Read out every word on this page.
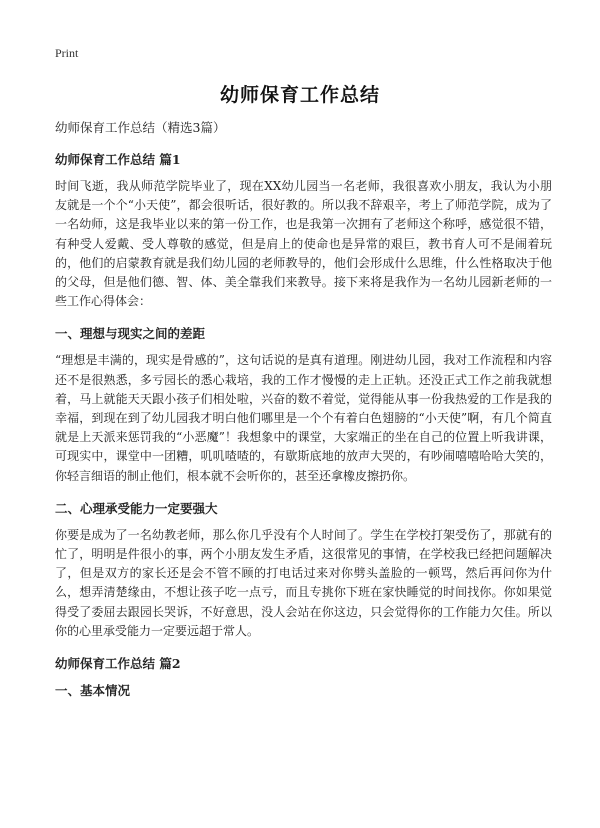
Print
幼师保育工作总结

幼师保育工作总结（精选3篇）

幼师保育工作总结 篇1

时间飞逝，我从师范学院毕业了，现在XX幼儿园当一名老师，我很喜欢小朋友，我认为小朋友就是一个个“小天使”，都会很听话，很好教的。所以我不辞艰辛，考上了师范学院，成为了一名幼师，这是我毕业以来的第一份工作，也是我第一次拥有了老师这个称呼，感觉很不错，有种受人爱戴、受人尊敬的感觉，但是肩上的使命也是异常的艰巨，教书育人可不是闹着玩的，他们的启蒙教育就是我们幼儿园的老师教导的，他们会形成什么思维，什么性格取决于他的父母，但是他们德、智、体、美全靠我们来教导。接下来将是我作为一名幼儿园新老师的一些工作心得体会：

一、理想与现实之间的差距

“理想是丰满的，现实是骨感的”，这句话说的是真有道理。刚进幼儿园，我对工作流程和内容还不是很熟悉，多亏园长的悉心栽培，我的工作才慢慢的走上正轨。还没正式工作之前我就想着，马上就能天天跟小孩子们相处啦，兴奋的数不着觉，觉得能从事一份我热爱的工作是我的幸福，到现在到了幼儿园我才明白他们哪里是一个个有着白色翅膀的“小天使”啊，有几个简直就是上天派来惩罚我的“小恶魔”！我想象中的课堂，大家端正的坐在自己的位置上听我讲课，可现实中，课堂中一团糟，叽叽喳喳的，有歇斯底地的放声大哭的，有吵闹嘻嘻哈哈大笑的，你轻言细语的制止他们，根本就不会听你的，甚至还拿橡皮擦扔你。

二、心理承受能力一定要强大

你要是成为了一名幼教老师，那么你几乎没有个人时间了。学生在学校打架受伤了，那就有的忙了，明明是件很小的事，两个小朋友发生矛盾，这很常见的事情，在学校我已经把问题解决了，但是双方的家长还是会不管不顾的打电话过来对你劈头盖脸的一顿骂，然后再问你为什么，想弄清楚缘由，不想让孩子吃一点亏，而且专挑你下班在家快睡觉的时间找你。你如果觉得受了委屈去跟园长哭诉，不好意思，没人会站在你这边，只会觉得你的工作能力欠佳。所以你的心里承受能力一定要远超于常人。

幼师保育工作总结 篇2

一、基本情况
